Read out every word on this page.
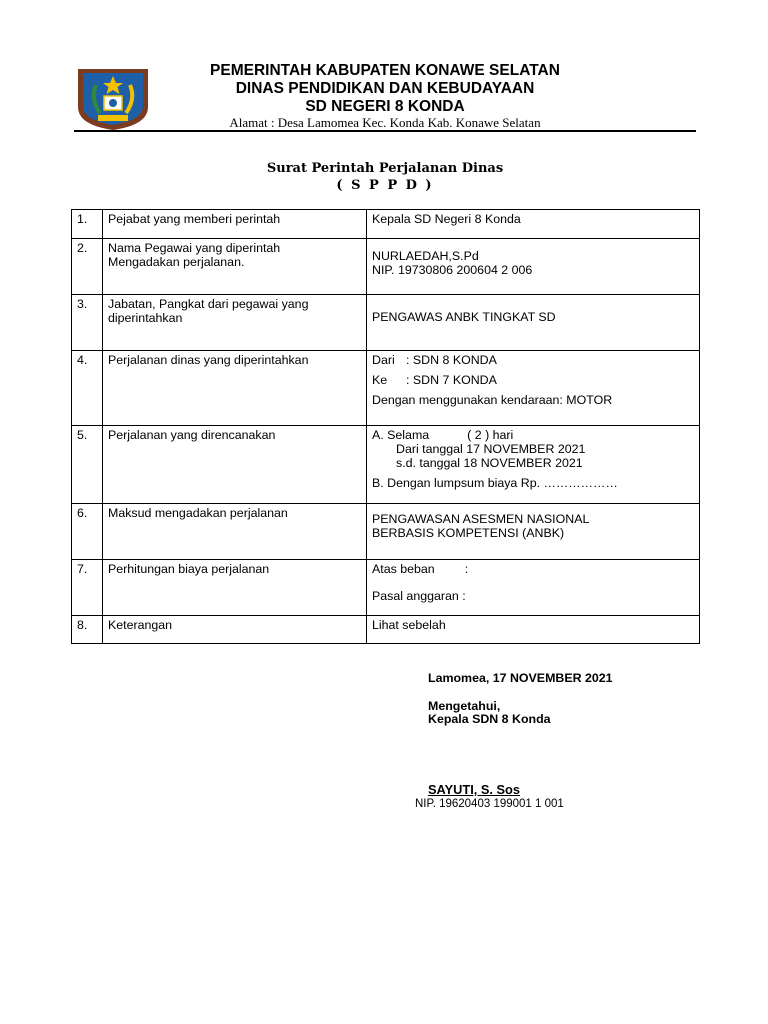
PEMERINTAH KABUPATEN KONAWE SELATAN
DINAS PENDIDIKAN DAN KEBUDAYAAN
SD NEGERI 8 KONDA
Alamat : Desa Lamomea Kec. Konda Kab. Konawe Selatan
Surat Perintah Perjalanan Dinas
( S P P D )
1.	Pejabat yang memberi perintah	Kepala SD Negeri 8 Konda
2.	Nama Pegawai yang diperintah
Mengadakan perjalanan.	NURLAEDAH,S.Pd
NIP. 19730806 200604 2 006

3.	Jabatan, Pangkat dari pegawai yang
diperintahkan	PENGAWAS ANBK TINGKAT SD

4.	Perjalanan dinas yang diperintahkan	Dari : SDN 8 KONDA
Ke : SDN 7 KONDA
Dengan menggunakan kendaraan: MOTOR

5.	Perjalanan yang direncanakan	A. Selama ( 2 ) hari
Dari tanggal 17 NOVEMBER 2021
s.d. tanggal 18 NOVEMBER 2021
B. Dengan lumpsum biaya Rp. ………………

6.	Maksud mengadakan perjalanan	PENGAWASAN ASESMEN NASIONAL
BERBASIS KOMPETENSI (ANBK)

7.	Perhitungan biaya perjalanan	Atas beban :
Pasal anggaran :

8.	Keterangan	Lihat sebelah
Lamomea, 17 NOVEMBER 2021
Mengetahui,
Kepala SDN 8 Konda
SAYUTI, S. Sos
NIP. 19620403 199001 1 001
